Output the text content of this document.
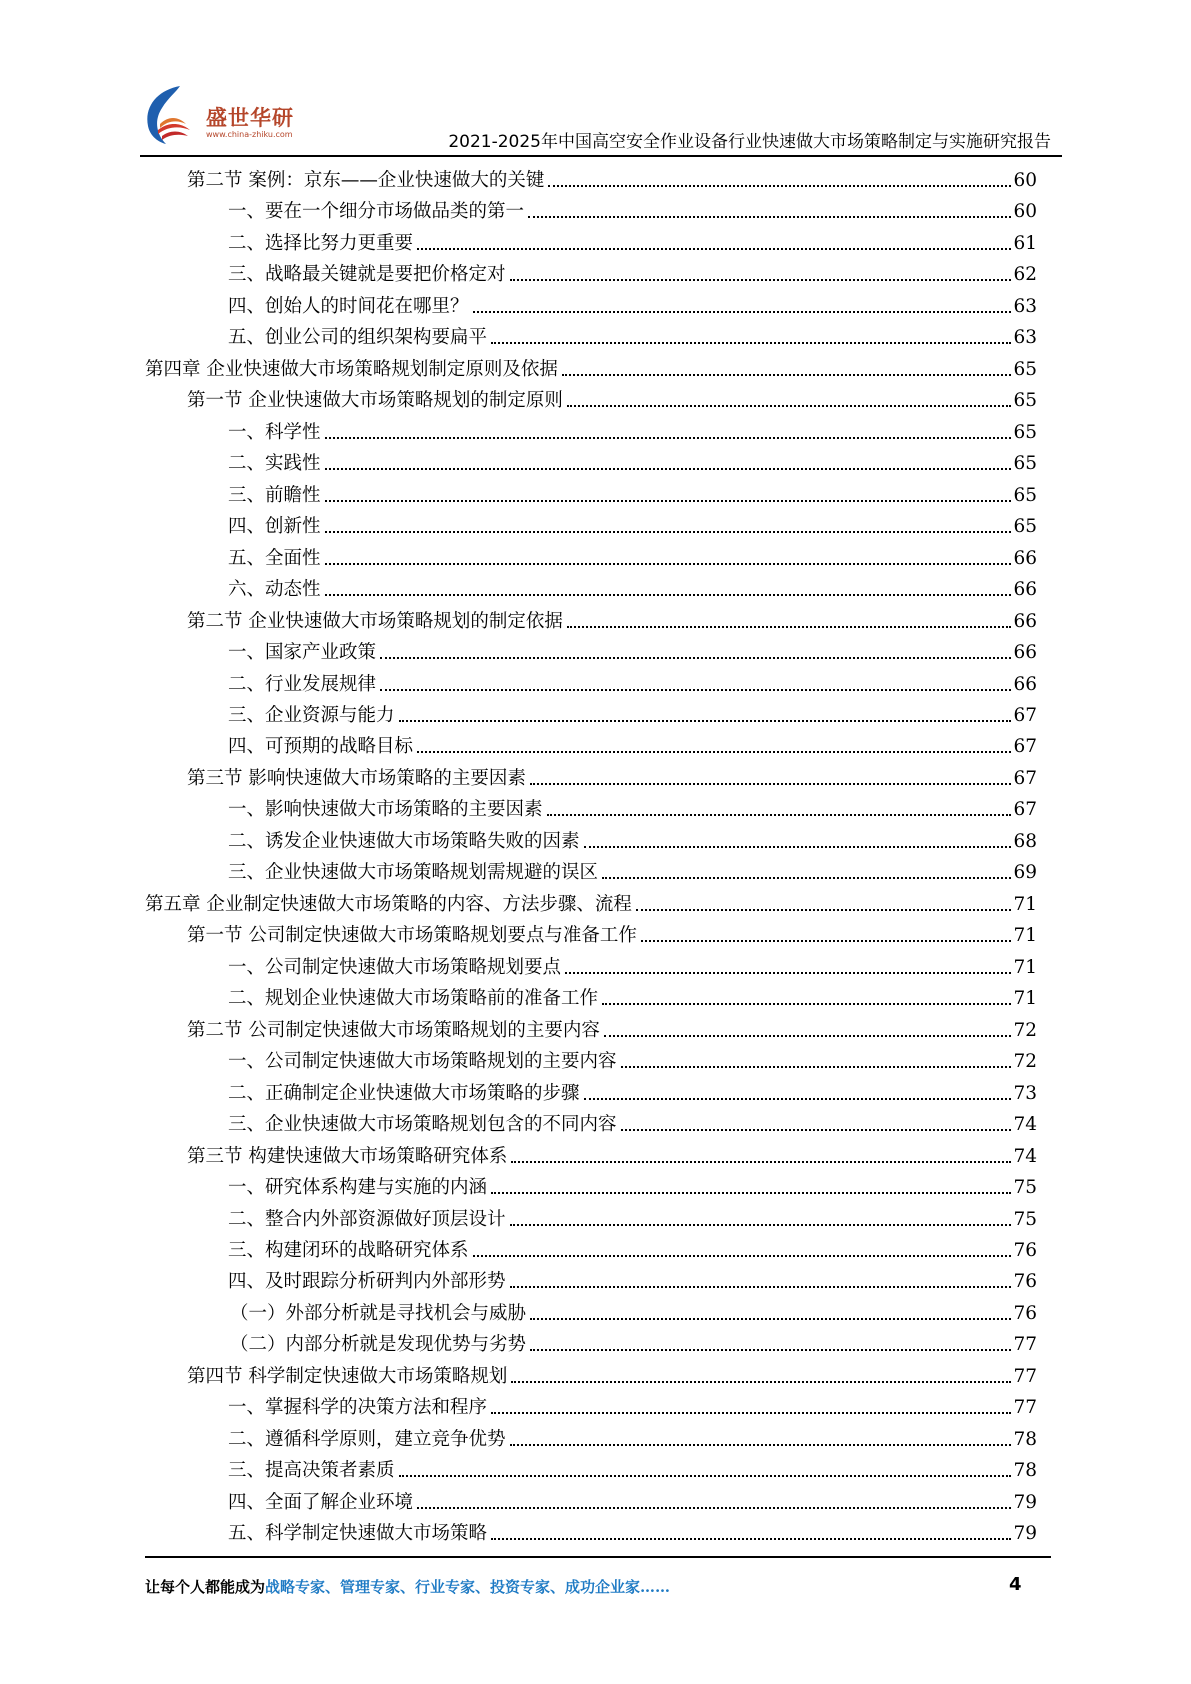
盛世华研
www.china-zhiku.com	2021-2025年中国高空安全作业设备行业快速做大市场策略制定与实施研究报告
第二节 案例：京东——企业快速做大的关键	60
一、要在一个细分市场做品类的第一	60
二、选择比努力更重要	61
三、战略最关键就是要把价格定对	62
四、创始人的时间花在哪里？	63
五、创业公司的组织架构要扁平	63
第四章 企业快速做大市场策略规划制定原则及依据	65
第一节 企业快速做大市场策略规划的制定原则	65
一、科学性	65
二、实践性	65
三、前瞻性	65
四、创新性	65
五、全面性	66
六、动态性	66
第二节 企业快速做大市场策略规划的制定依据	66
一、国家产业政策	66
二、行业发展规律	66
三、企业资源与能力	67
四、可预期的战略目标	67
第三节 影响快速做大市场策略的主要因素	67
一、影响快速做大市场策略的主要因素	67
二、诱发企业快速做大市场策略失败的因素	68
三、企业快速做大市场策略规划需规避的误区	69
第五章 企业制定快速做大市场策略的内容、方法步骤、流程	71
第一节 公司制定快速做大市场策略规划要点与准备工作	71
一、公司制定快速做大市场策略规划要点	71
二、规划企业快速做大市场策略前的准备工作	71
第二节 公司制定快速做大市场策略规划的主要内容	72
一、公司制定快速做大市场策略规划的主要内容	72
二、正确制定企业快速做大市场策略的步骤	73
三、企业快速做大市场策略规划包含的不同内容	74
第三节 构建快速做大市场策略研究体系	74
一、研究体系构建与实施的内涵	75
二、整合内外部资源做好顶层设计	75
三、构建闭环的战略研究体系	76
四、及时跟踪分析研判内外部形势	76
（一）外部分析就是寻找机会与威胁	76
（二）内部分析就是发现优势与劣势	77
第四节 科学制定快速做大市场策略规划	77
一、掌握科学的决策方法和程序	77
二、遵循科学原则，建立竞争优势	78
三、提高决策者素质	78
四、全面了解企业环境	79
五、科学制定快速做大市场策略	79
让每个人都能成为战略专家、管理专家、行业专家、投资专家、成功企业家……	4
